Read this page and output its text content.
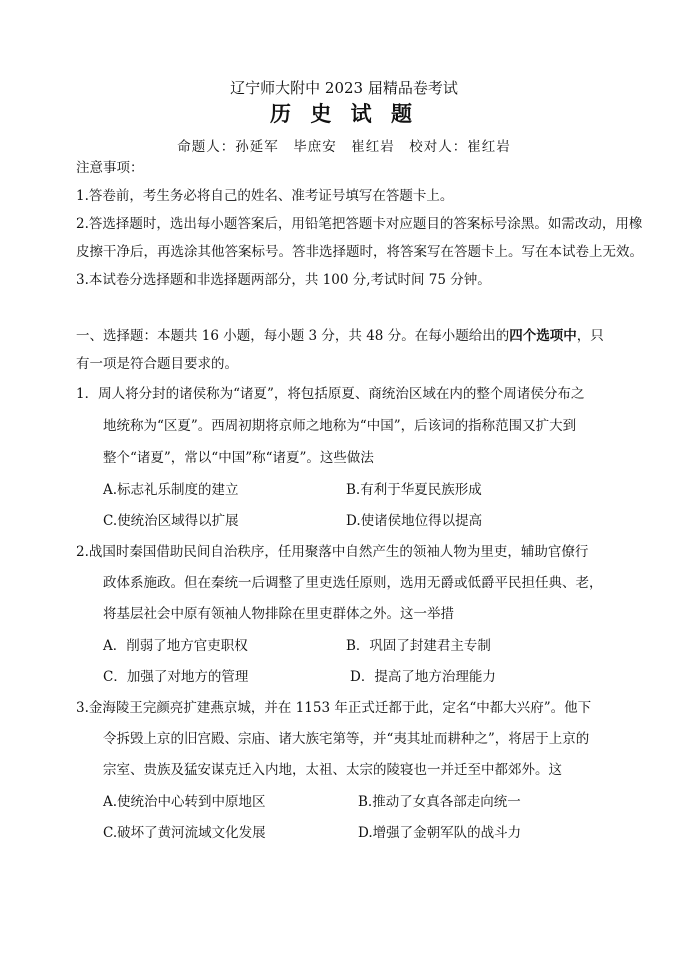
辽宁师大附中 2023 届精品卷考试
历 史 试 题
命题人：孙延军　毕庶安　崔红岩　校对人：崔红岩
注意事项：
1.答卷前，考生务必将自己的姓名、准考证号填写在答题卡上。
2.答选择题时，选出每小题答案后，用铅笔把答题卡对应题目的答案标号涂黑。如需改动，用橡
皮擦干净后，再选涂其他答案标号。答非选择题时，将答案写在答题卡上。写在本试卷上无效。
3.本试卷分选择题和非选择题两部分，共 100 分,考试时间 75 分钟。
一、选择题：本题共 16 小题，每小题 3 分，共 48 分。在每小题给出的四个选项中，只
有一项是符合题目要求的。
1．周人将分封的诸侯称为“诸夏”，将包括原夏、商统治区域在内的整个周诸侯分布之
地统称为“区夏”。西周初期将京师之地称为“中国”，后该词的指称范围又扩大到
整个“诸夏”，常以“中国”称“诸夏”。这些做法
A.标志礼乐制度的建立	B.有利于华夏民族形成
C.使统治区域得以扩展	D.使诸侯地位得以提高
2.战国时秦国借助民间自治秩序，任用聚落中自然产生的领袖人物为里吏，辅助官僚行
政体系施政。但在秦统一后调整了里吏选任原则，选用无爵或低爵平民担任典、老，
将基层社会中原有领袖人物排除在里吏群体之外。这一举措
A．削弱了地方官吏职权	B．巩固了封建君主专制
C．加强了对地方的管理	D．提高了地方治理能力
3.金海陵王完颜亮扩建燕京城，并在 1153 年正式迁都于此，定名“中都大兴府”。他下
令拆毁上京的旧宫殿、宗庙、诸大族宅第等，并“夷其址而耕种之”，将居于上京的
宗室、贵族及猛安谋克迁入内地，太祖、太宗的陵寝也一并迁至中都郊外。这
A.使统治中心转到中原地区	B.推动了女真各部走向统一
C.破坏了黄河流域文化发展	D.增强了金朝军队的战斗力
